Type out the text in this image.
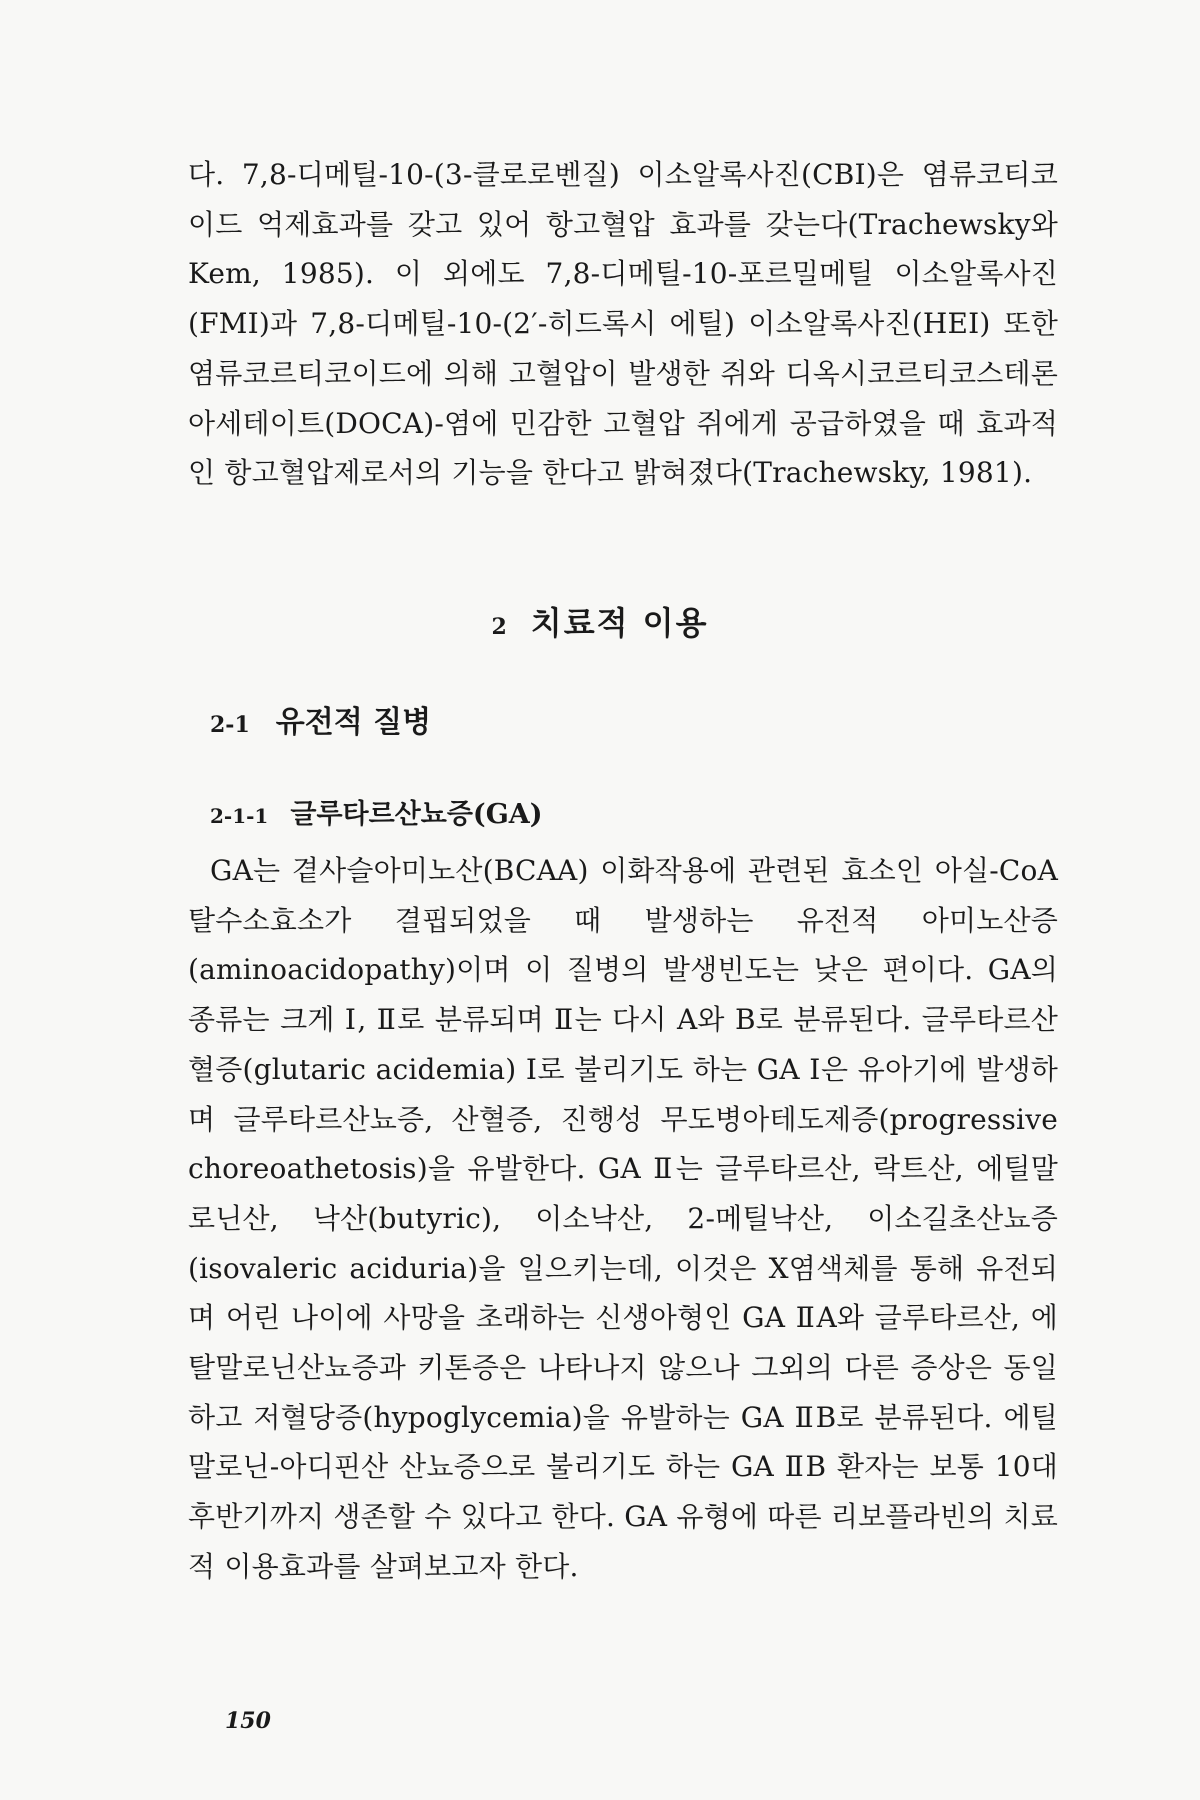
다. 7,8-디메틸-10-(3-클로로벤질) 이소알록사진(CBI)은 염류코티코이드 억제효과를 갖고 있어 항고혈압 효과를 갖는다(Trachewsky와 Kem, 1985). 이 외에도 7,8-디메틸-10-포르밀메틸 이소알록사진(FMI)과 7,8-디메틸-10-(2′-히드록시 에틸) 이소알록사진(HEI) 또한 염류코르티코이드에 의해 고혈압이 발생한 쥐와 디옥시코르티코스테론 아세테이트(DOCA)-염에 민감한 고혈압 쥐에게 공급하였을 때 효과적인 항고혈압제로서의 기능을 한다고 밝혀졌다(Trachewsky, 1981).

2 치료적 이용
2-1 유전적 질병
2-1-1 글루타르산뇨증(GA)

GA는 곁사슬아미노산(BCAA) 이화작용에 관련된 효소인 아실-CoA 탈수소효소가 결핍되었을 때 발생하는 유전적 아미노산증(aminoacidopathy)이며 이 질병의 발생빈도는 낮은 편이다. GA의 종류는 크게 Ⅰ, Ⅱ로 분류되며 Ⅱ는 다시 A와 B로 분류된다. 글루타르산혈증(glutaric acidemia) Ⅰ로 불리기도 하는 GA Ⅰ은 유아기에 발생하며 글루타르산뇨증, 산혈증, 진행성 무도병아테도제증(progressive choreoathetosis)을 유발한다. GA Ⅱ는 글루타르산, 락트산, 에틸말로닌산, 낙산(butyric), 이소낙산, 2-메틸낙산, 이소길초산뇨증(isovaleric aciduria)을 일으키는데, 이것은 X염색체를 통해 유전되며 어린 나이에 사망을 초래하는 신생아형인 GA ⅡA와 글루타르산, 에탈말로닌산뇨증과 키톤증은 나타나지 않으나 그외의 다른 증상은 동일하고 저혈당증(hypoglycemia)을 유발하는 GA ⅡB로 분류된다. 에틸말로닌-아디핀산 산뇨증으로 불리기도 하는 GA ⅡB 환자는 보통 10대 후반기까지 생존할 수 있다고 한다. GA 유형에 따른 리보플라빈의 치료적 이용효과를 살펴보고자 한다.

150
